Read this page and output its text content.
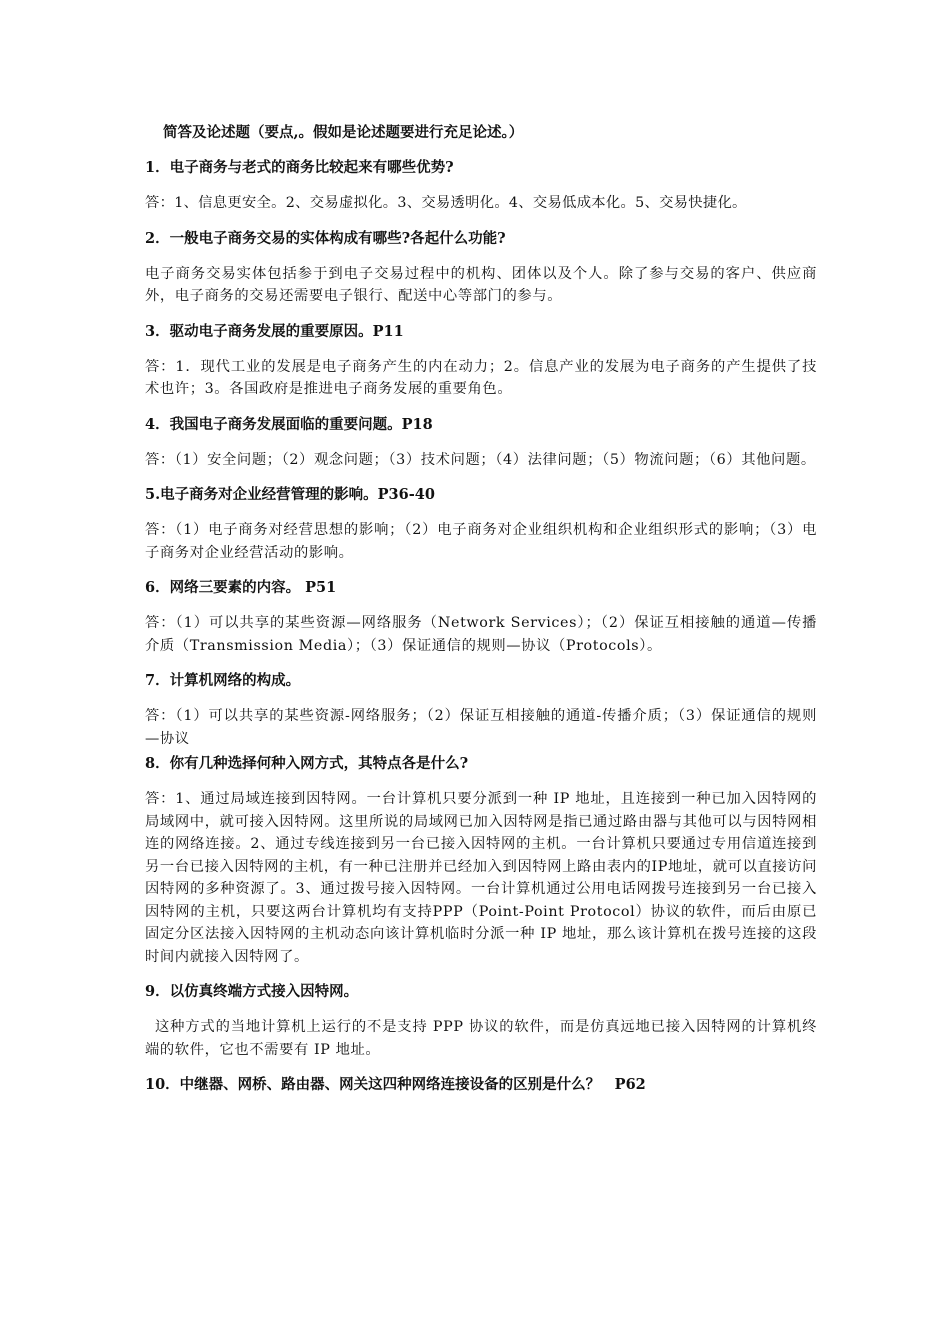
简答及论述题（要点,。假如是论述题要进行充足论述。）
1．电子商务与老式的商务比较起来有哪些优势?
答：1、信息更安全。2、交易虚拟化。3、交易透明化。4、交易低成本化。5、交易快捷化。
2．一般电子商务交易的实体构成有哪些?各起什么功能?
电子商务交易实体包括参于到电子交易过程中的机构、团体以及个人。除了参与交易的客户、供应商外，电子商务的交易还需要电子银行、配送中心等部门的参与。
3．驱动电子商务发展的重要原因。P11
答：1．现代工业的发展是电子商务产生的内在动力；2。信息产业的发展为电子商务的产生提供了技术也许；3。各国政府是推进电子商务发展的重要角色。
4．我国电子商务发展面临的重要问题。P18
答：（1）安全问题；（2）观念问题；（3）技术问题；（4）法律问题；（5）物流问题；（6）其他问题。
5.电子商务对企业经营管理的影响。P36-40
答：（1）电子商务对经营思想的影响；（2）电子商务对企业组织机构和企业组织形式的影响；（3）电子商务对企业经营活动的影响。
6．网络三要素的内容。 P51
答：（1）可以共享的某些资源—网络服务（Network Services）；（2）保证互相接触的通道—传播介质（Transmission Media）；（3）保证通信的规则—协议（Protocols）。
7．计算机网络的构成。
答：（1）可以共享的某些资源-网络服务；（2）保证互相接触的通道-传播介质；（3）保证通信的规则—协议
8．你有几种选择何种入网方式，其特点各是什么?
答：1、通过局域连接到因特网。一台计算机只要分派到一种 IP 地址，且连接到一种已加入因特网的局域网中，就可接入因特网。这里所说的局域网已加入因特网是指已通过路由器与其他可以与因特网相连的网络连接。2、通过专线连接到另一台已接入因特网的主机。一台计算机只要通过专用信道连接到另一台已接入因特网的主机，有一种已注册并已经加入到因特网上路由表内的IP地址，就可以直接访问因特网的多种资源了。3、通过拨号接入因特网。一台计算机通过公用电话网拨号连接到另一台已接入因特网的主机，只要这两台计算机均有支持PPP（Point-Point Protocol）协议的软件，而后由原已固定分区法接入因特网的主机动态向该计算机临时分派一种 IP 地址，那么该计算机在拨号连接的这段时间内就接入因特网了。
9．以仿真终端方式接入因特网。
这种方式的当地计算机上运行的不是支持 PPP 协议的软件，而是仿真远地已接入因特网的计算机终端的软件，它也不需要有 IP 地址。
10．中继器、网桥、路由器、网关这四种网络连接设备的区别是什么？　P62
